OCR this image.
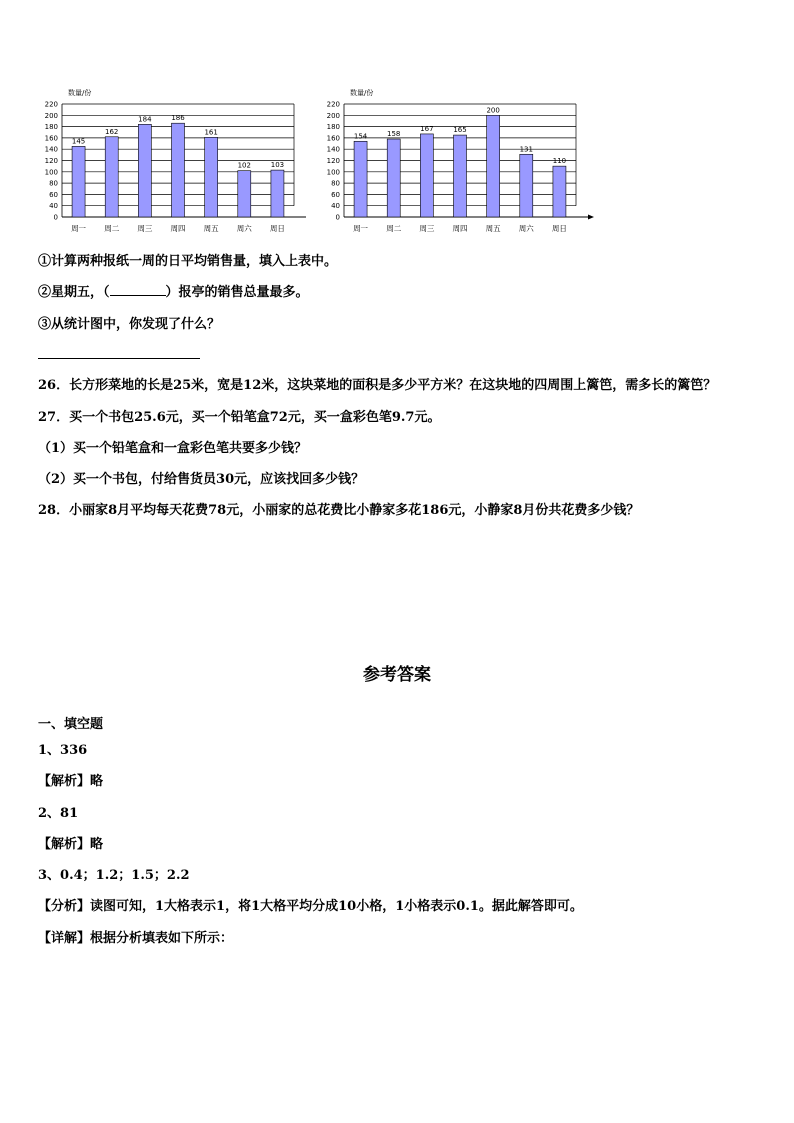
数量/份
0
40
60
80
100
120
140
160
180
200
220
145
周一
162
周二
184
周三
186
周四
161
周五
102
周六
103
周日
数量/份
0
40
60
80
100
120
140
160
180
200
220
154
周一
158
周二
167
周三
165
周四
200
周五
131
周六
110
周日
①计算两种报纸一周的日平均销售量，填入上表中。
②星期五，（	）报亭的销售总量最多。
③从统计图中，你发现了什么？
26．长方形菜地的长是25米，宽是12米，这块菜地的面积是多少平方米？在这块地的四周围上篱笆，需多长的篱笆？
27．买一个书包25.6元，买一个铅笔盒72元，买一盒彩色笔9.7元。
（1）买一个铅笔盒和一盒彩色笔共要多少钱？
（2）买一个书包，付给售货员30元，应该找回多少钱？
28．小丽家8月平均每天花费78元，小丽家的总花费比小静家多花186元，小静家8月份共花费多少钱？
参考答案
一、填空题
1、336
【解析】略
2、81
【解析】略
3、0.4；1.2；1.5；2.2
【分析】读图可知，1大格表示1，将1大格平均分成10小格，1小格表示0.1。据此解答即可。
【详解】根据分析填表如下所示：
